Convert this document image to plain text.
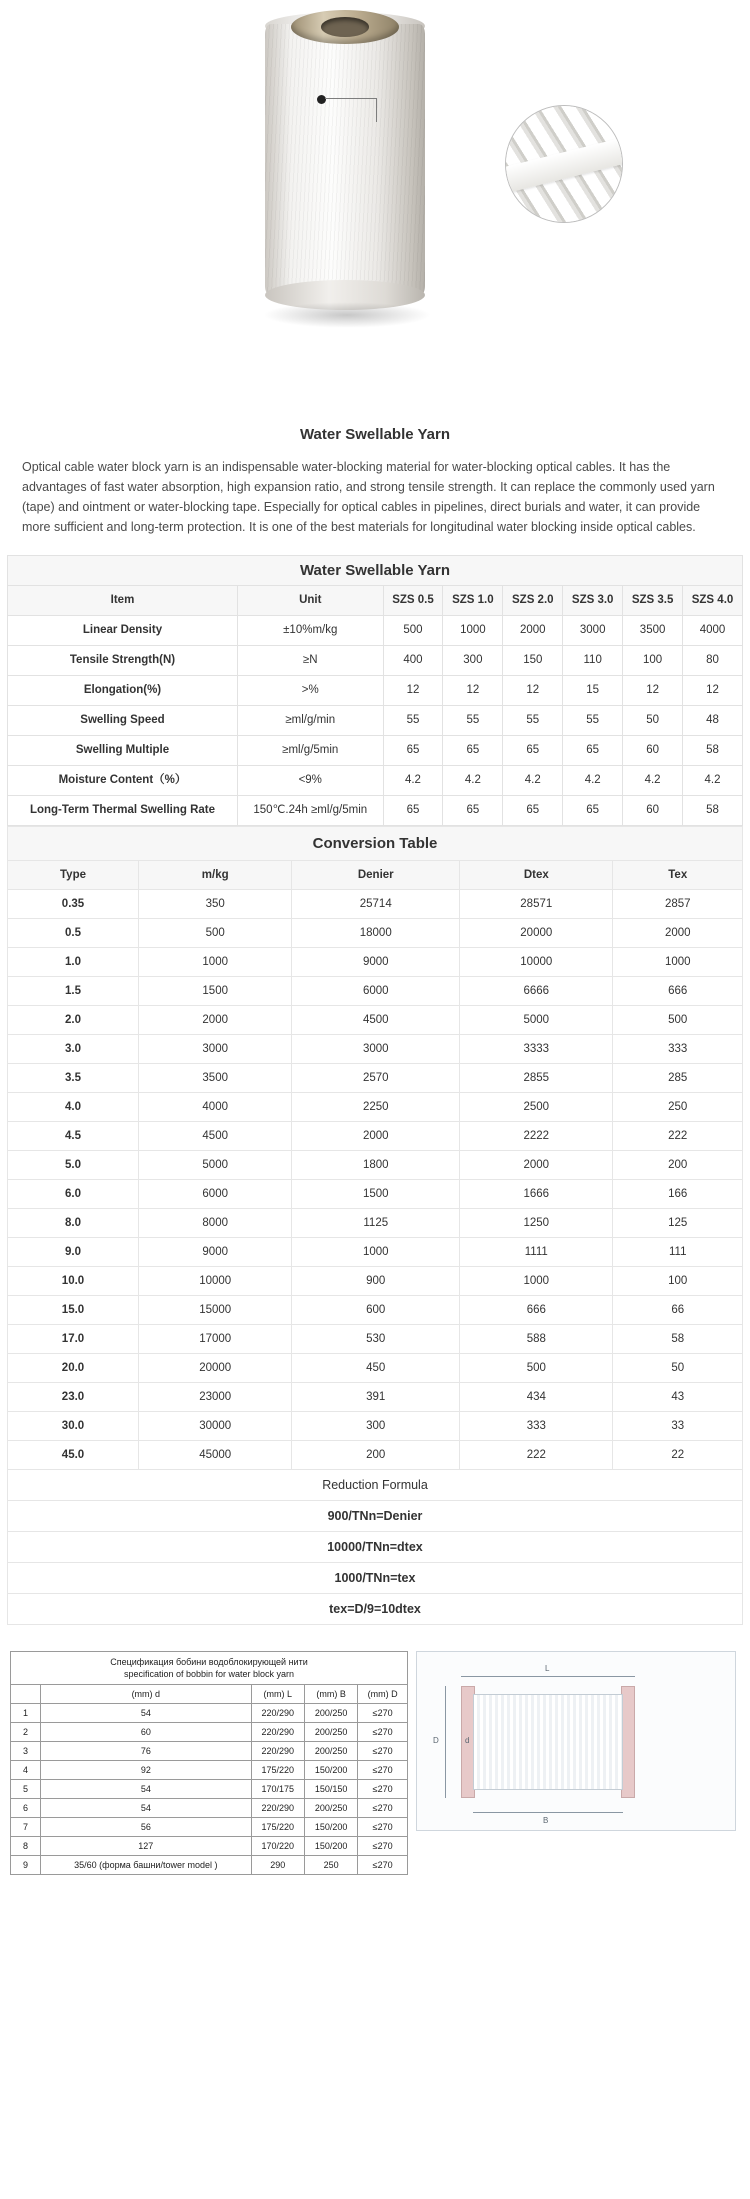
Water Swellable Yarn
Optical cable water block yarn is an indispensable water-blocking material for water-blocking optical cables. It has the advantages of fast water absorption, high expansion ratio, and strong tensile strength. It can replace the commonly used yarn (tape) and ointment or water-blocking tape. Especially for optical cables in pipelines, direct burials and water, it can provide more sufficient and long-term protection. It is one of the best materials for longitudinal water blocking inside optical cables.
Water Swellable Yarn							
Item	Unit	SZS 0.5	SZS 1.0	SZS 2.0	SZS 3.0	SZS 3.5	SZS 4.0
Linear Density	±10%m/kg	500	1000	2000	3000	3500	4000
Tensile Strength(N)	≥N	400	300	150	110	100	80
Elongation(%)	>%	12	12	12	15	12	12
Swelling Speed	≥ml/g/min	55	55	55	55	50	48
Swelling Multiple	≥ml/g/5min	65	65	65	65	60	58
Moisture Content（%）	<9%	4.2	4.2	4.2	4.2	4.2	4.2
Long-Term Thermal Swelling Rate	150℃.24h ≥ml/g/5min	65	65	65	65	60	58
Conversion Table				
Type	m/kg	Denier	Dtex	Tex
0.35	350	25714	28571	2857
0.5	500	18000	20000	2000
1.0	1000	9000	10000	1000
1.5	1500	6000	6666	666
2.0	2000	4500	5000	500
3.0	3000	3000	3333	333
3.5	3500	2570	2855	285
4.0	4000	2250	2500	250
4.5	4500	2000	2222	222
5.0	5000	1800	2000	200
6.0	6000	1500	1666	166
8.0	8000	1125	1250	125
9.0	9000	1000	1111	111
10.0	10000	900	1000	100
15.0	15000	600	666	66
17.0	17000	530	588	58
20.0	20000	450	500	50
23.0	23000	391	434	43
30.0	30000	300	333	33
45.0	45000	200	222	22
Reduction Formula				
900/TNn=Denier				
10000/TNn=dtex				
1000/TNn=tex				
tex=D/9=10dtex				
Спецификация бобини водоблокирующей нити
specification of bobbin for water block yarn				

	(mm) d	(mm) L	(mm) B	(mm) D
1	54	220/290	200/250	≤270
2	60	220/290	200/250	≤270
3	76	220/290	200/250	≤270
4	92	175/220	150/200	≤270
5	54	170/175	150/150	≤270
6	54	220/290	200/250	≤270
7	56	175/220	150/200	≤270
8	127	170/220	150/200	≤270
9	35/60 (форма башни/tower model )	290	250	≤270
L
D	d
B
